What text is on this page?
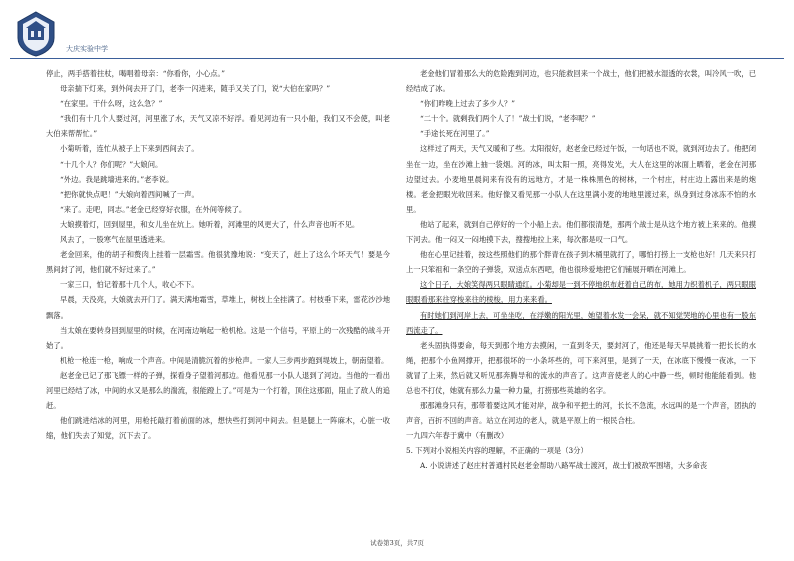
大庆实验中学

停止，两手搭着拄杖，喝唱着母亲：“你看你，小心点。”

母亲揣下灯来，到外间去开了门，老李一闪进来，随手又关了门，说“大伯在家吗？”

“在家里。干什么呀，这么急？”

“我们有十几个人要过河，河里涨了水，天气又凉不好浮。看见河边有一只小船，我们又不会使，叫老大伯来帮帮忙。”

小菊听着，连忙从被子上下来到西间去了。

“十几个人？你们呢？”大娘问。

“外边。我是跳墙进来的。”老李说。

“把你就快点吧！”大娘向着西间喊了一声。

“来了。走吧，同志。”老金已经穿好衣服，在外间等候了。

大娘摸着灯，回到屋里，和女儿坐在炕上。她听着，河滩里的风更大了，什么声音也听不见。

风去了，一股寒气在屋里透进来。

老金回来，他的胡子和赘肉上挂着一层霜雪。他很犹豫地说：“变天了，赶上了这么个坏天气！要是今黑间封了河，他们就不好过来了。”

一家三口，怕记着那十几个人，收心不下。

早晨，天没亮，大娘就去开门了。满天满地霜雪，草堆上，树枝上全挂满了。村枝垂下来，雷花沙沙地飘落。

当太娘在要转身回到屋里的时候，在河南边响起一枪机枪。这是一个信号，平原上的一次残酷的战斗开始了。

机枪一枪连一枪，响成一个声音。中间是清脆沉着的步枪声。一家人三步两步跑到堤坡上，朝南望着。

赵老金已记了那飞镖一样的子弹，探看身子望着河那边。他看见那一小队人退到了河边。当他的一看出河里已经结了冰，中间的水又是那么的湍流，很能蹬上了。”可是为一个打着，顶住这那面，阻止了敌人的追赶。

他们跳进结冰的河里，用枪托敲打着前面的冰，想快些打到河中间去。但是腿上一阵麻木，心脏一收缩，他们失去了知觉，沉下去了。

老金他们冒着那么大的危险跑到河边，也只能救回来一个战士，他们把被水湿透的衣裳，叫冷风一吹，已经结成了冰。

“你们昨晚上过去了多少人？”

“二十个。就剩我们两个人了！”战士们说，“老李呢？”

“手途长死在河里了。”

这样过了两天，天气又暖和了些。太阳很好，赵老金已经过午饭，一句话也不说，就到河边去了。他把闭坐在一边，坐在沙滩上抽一袋烟。河的冰，叫太阳一照，亮得发光，大人在这里的冰面上晒着，老金在河那边望过去。小麦地里晨间来有没有的远地方，才是一株株黑色的树林，一个村庄，村庄边上露出来是的炮楼。老金把眼光收回来。他好像又看见那一小队人在这里满小麦的地地里渡过来，纵身到过身冰冻不怕的水里。

他站了起来，就到自己停好的一个小船上去。他们都很清楚，那两个战士是从这个地方被上来来的。他摸下河去。他一闷又一闷地摸下去，搜搜地拉上来，每次都是叹一口气。

他在心里记挂着，按这些照他们的那个胖青在孩子到木桶里就打了，哪怕打捞上一支枪也好！几天来只打上一只笨祖和一条空的子弹袋，双送点东西吧，他也很珍爱地把它们铺展开晒在河滩上。

这个日子，大娘笑得两只眼睛通红。小菊却是一到不停地织布赶着自己的布，她用力织着机子，两只眼眼眼眼看那来往穿梭来往的棱梭，用力来来看。

有时她们到河岸上去，可坐坐吃，在浮嫩的阳光里，她望着水发一会呆，就不知觉哭地的心里也有一股东西流走了。

老头固执得要命，每天到那个地方去摸闲，一直到冬天，要封河了，他还是每天早晨挑着一把长长的水绳，把那个小鱼网撑开，把那很坏的一小条坏些的，可下来河里，是到了一天，在冰底下慢慢一夜冰，一下就冒了上来，然后就又听见那奔腾导和的流水的声音了。这声音使老人的心中静一些，顿时他能能看到。他总也不打仗，她就有那么力量一种力量，打捞那些英雄的名字。

那那滩身只有，那带着要这风才能对岸，战争和平把土的河，长长不急流，水远叫的是一个声音，团执的声音，百折不回的声音。站立在河边的老人，就是平原上的一根民合柱。

一九四六年春于冀中（有删改）

5. 下列对小说相关内容的理解，不正确的一项是（3分）

A. 小说讲述了赵庄村普通村民赵老金帮助八路军战士渡河，战士们被敌军围堵，大多命丧

试卷第3页，共7页
